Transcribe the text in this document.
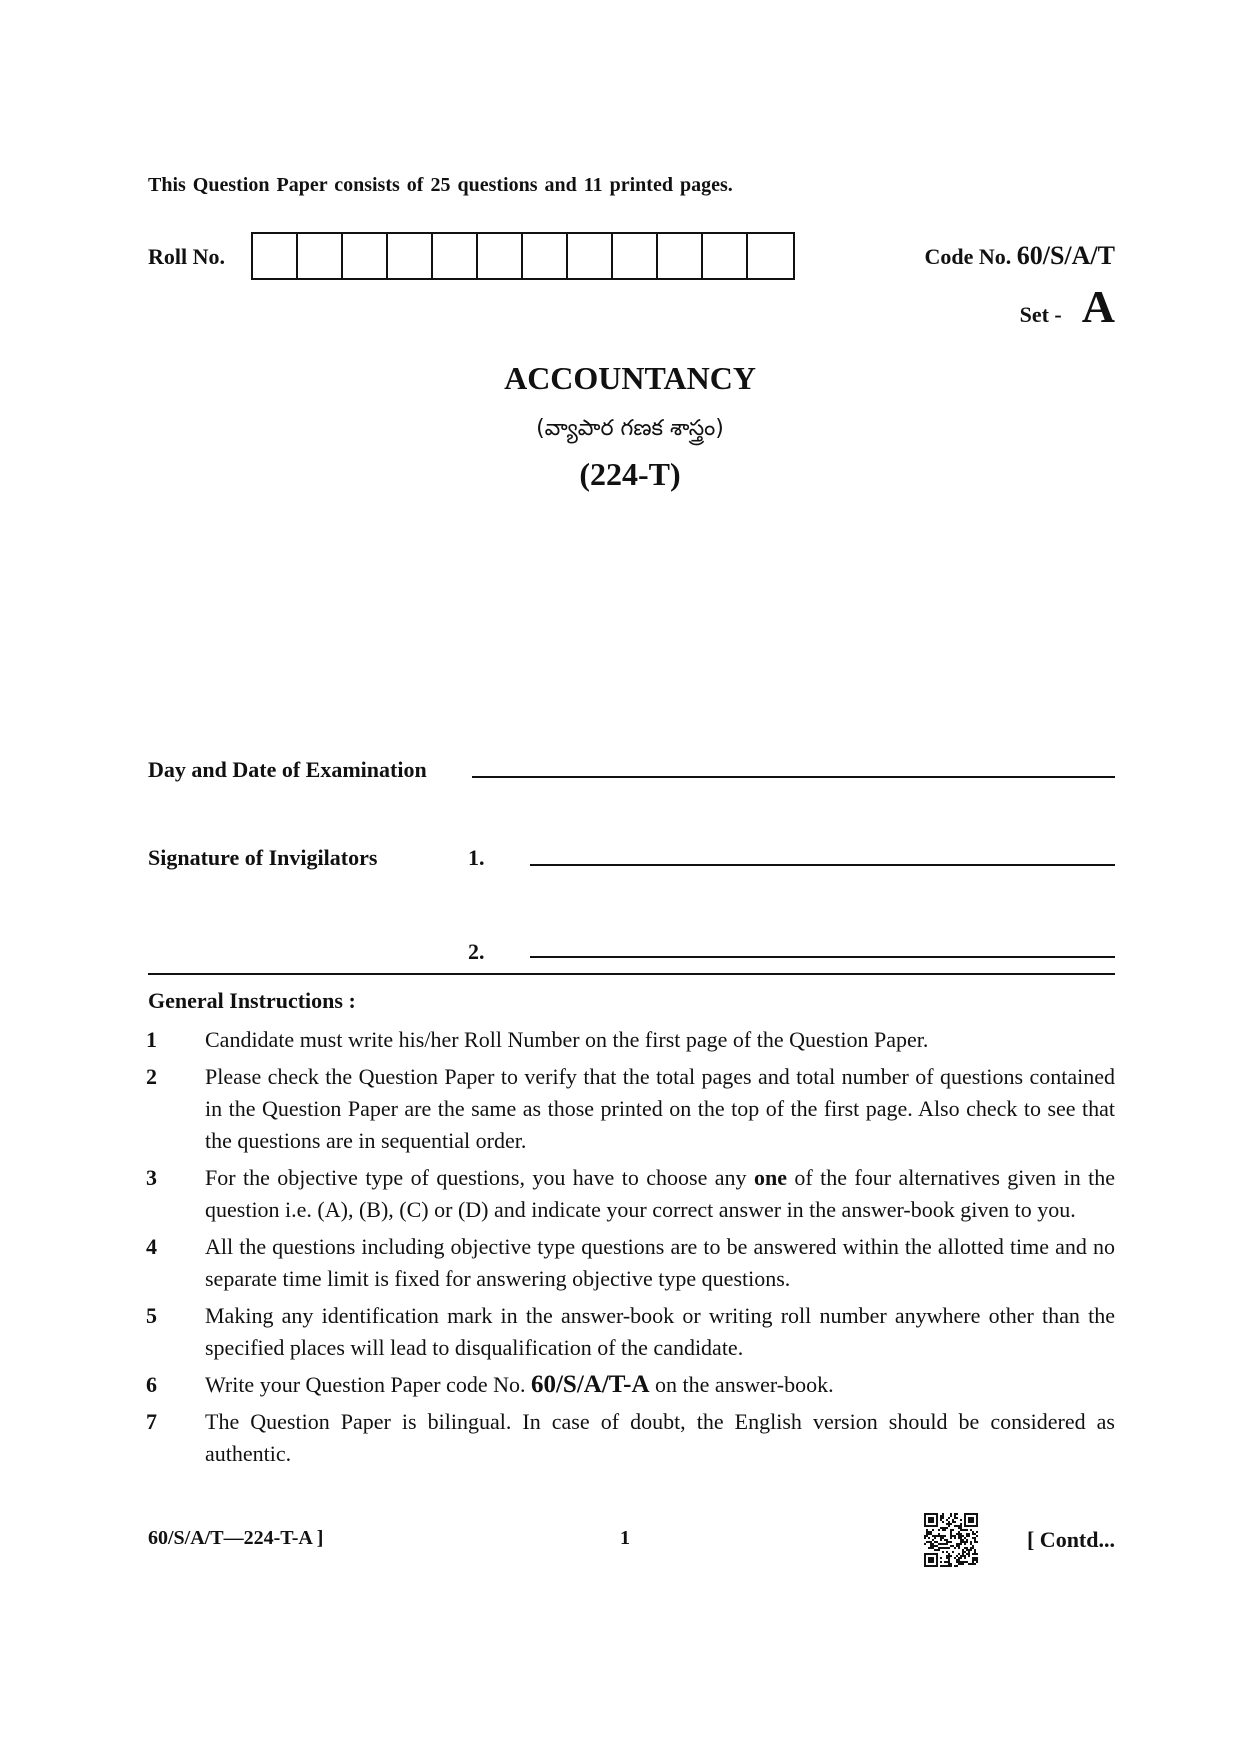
This Question Paper consists of 25 questions and 11 printed pages.
Roll No.	Code No. 60/S/A/T
Set - A
ACCOUNTANCY
(వ్యాపార గణక శాస్త్రం)
(224-T)
Day and Date of Examination
Signature of Invigilators	1.
2.
General Instructions :
1	Candidate must write his/her Roll Number on the first page of the Question Paper.
2	Please check the Question Paper to verify that the total pages and total number of questions contained in the Question Paper are the same as those printed on the top of the first page. Also check to see that the questions are in sequential order.
3	For the objective type of questions, you have to choose any one of the four alternatives given in the question i.e. (A), (B), (C) or (D) and indicate your correct answer in the answer-book given to you.
4	All the questions including objective type questions are to be answered within the allotted time and no separate time limit is fixed for answering objective type questions.
5	Making any identification mark in the answer-book or writing roll number anywhere other than the specified places will lead to disqualification of the candidate.
6	Write your Question Paper code No. 60/S/A/T-A on the answer-book.
7	The Question Paper is bilingual. In case of doubt, the English version should be considered as authentic.
60/S/A/T—224-T-A ]	1	[ Contd...
